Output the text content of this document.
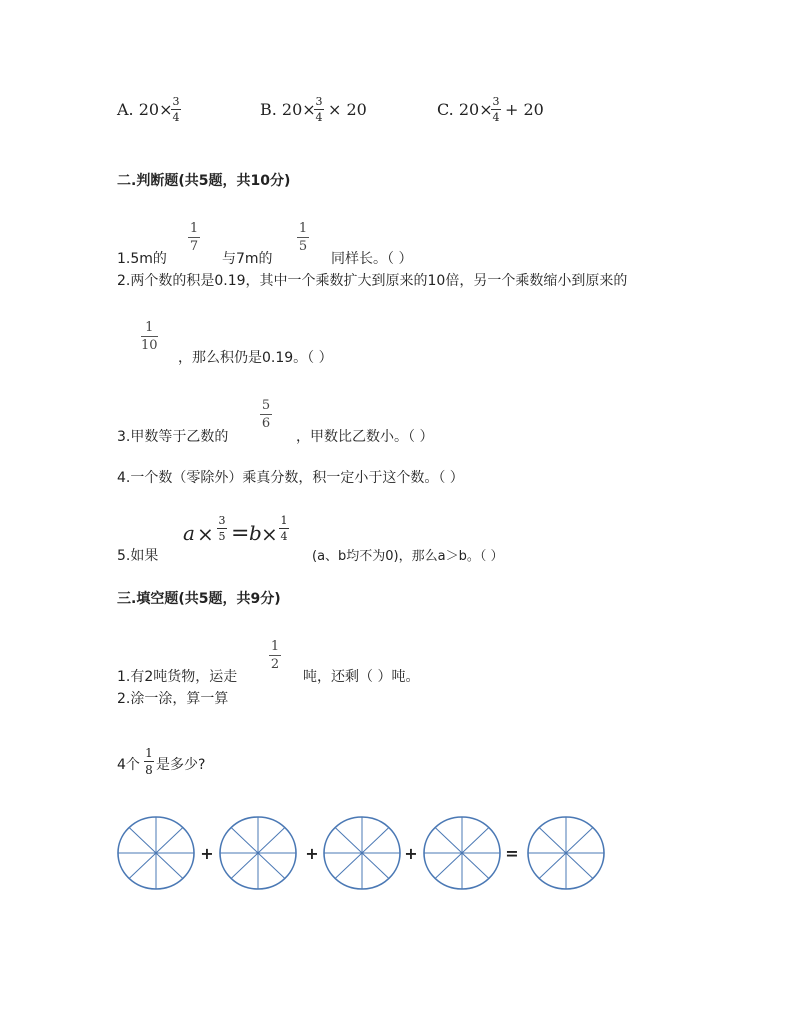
A. 20× 3
4	B. 20× 3
4 × 20	C. 20× 3
4 + 20
二.判断题(共5题，共10分)
1.5m的
1
7
与7m的
1
5
同样长。（ ）
2.两个数的积是0.19，其中一个乘数扩大到原来的10倍，另一个乘数缩小到原来的
1
10
，那么积仍是0.19。（ ）
3.甲数等于乙数的
5
6
，甲数比乙数小。（ ）
4.一个数（零除外）乘真分数，积一定小于这个数。（ ）
5.如果
a ×
3
5 = b ×
1
4
(a、b均不为0)，那么a＞b。（ ）
三.填空题(共5题，共9分)
1.有2吨货物，运走
1
2
吨，还剩（ ）吨。
2.涂一涂，算一算
4个
1
8 是多少?
+	+	+	=
